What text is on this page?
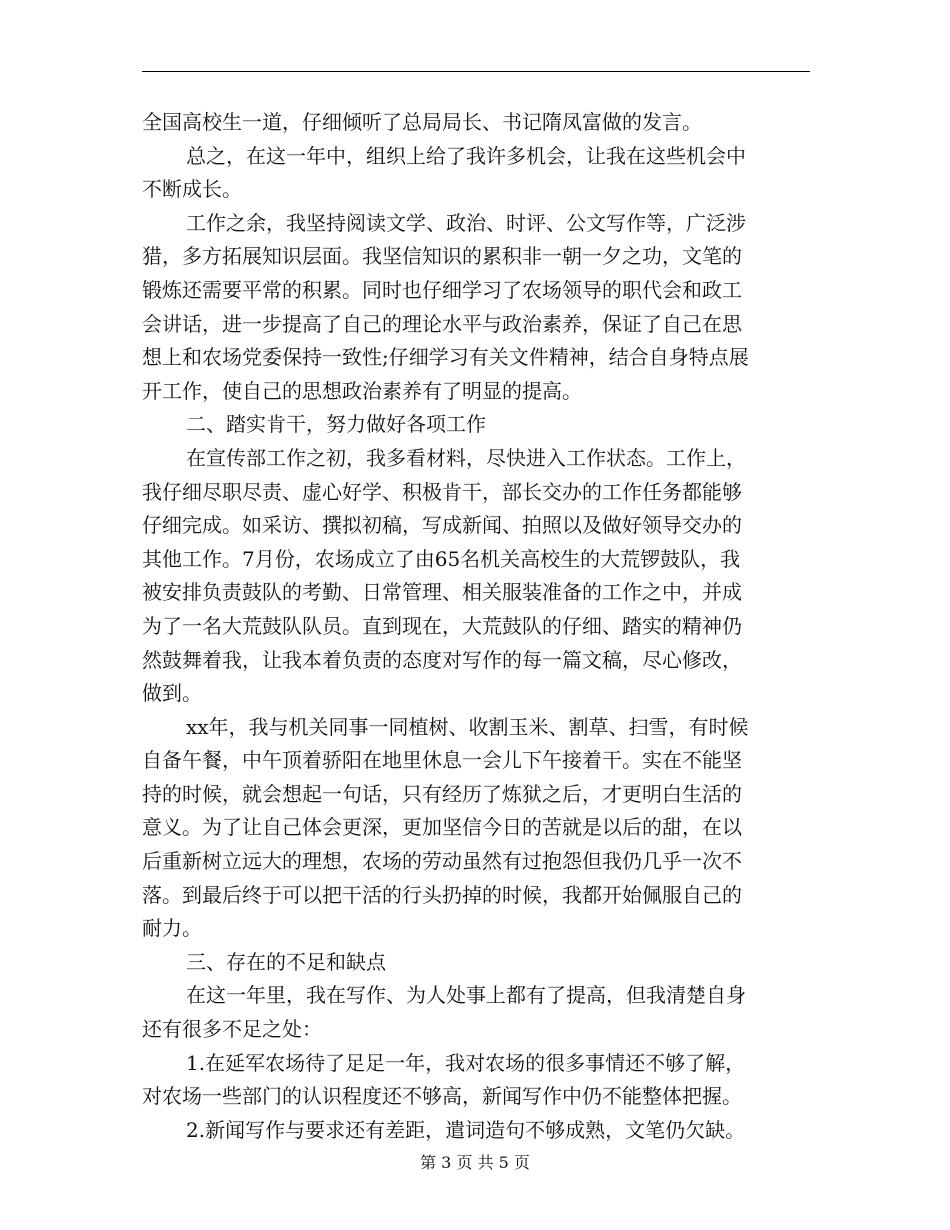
全国高校生一道，仔细倾听了总局局长、书记隋凤富做的发言。
总之，在这一年中，组织上给了我许多机会，让我在这些机会中
不断成长。
工作之余，我坚持阅读文学、政治、时评、公文写作等，广泛涉
猎，多方拓展知识层面。我坚信知识的累积非一朝一夕之功，文笔的
锻炼还需要平常的积累。同时也仔细学习了农场领导的职代会和政工
会讲话，进一步提高了自己的理论水平与政治素养，保证了自己在思
想上和农场党委保持一致性;仔细学习有关文件精神，结合自身特点展
开工作，使自己的思想政治素养有了明显的提高。
二、踏实肯干，努力做好各项工作
在宣传部工作之初，我多看材料，尽快进入工作状态。工作上，
我仔细尽职尽责、虚心好学、积极肯干，部长交办的工作任务都能够
仔细完成。如采访、撰拟初稿，写成新闻、拍照以及做好领导交办的
其他工作。7月份，农场成立了由65名机关高校生的大荒锣鼓队，我
被安排负责鼓队的考勤、日常管理、相关服装准备的工作之中，并成
为了一名大荒鼓队队员。直到现在，大荒鼓队的仔细、踏实的精神仍
然鼓舞着我，让我本着负责的态度对写作的每一篇文稿，尽心修改，
做到。
xx年，我与机关同事一同植树、收割玉米、割草、扫雪，有时候
自备午餐，中午顶着骄阳在地里休息一会儿下午接着干。实在不能坚
持的时候，就会想起一句话，只有经历了炼狱之后，才更明白生活的
意义。为了让自己体会更深，更加坚信今日的苦就是以后的甜，在以
后重新树立远大的理想，农场的劳动虽然有过抱怨但我仍几乎一次不
落。到最后终于可以把干活的行头扔掉的时候，我都开始佩服自己的
耐力。
三、存在的不足和缺点
在这一年里，我在写作、为人处事上都有了提高，但我清楚自身
还有很多不足之处：
1.在延军农场待了足足一年，我对农场的很多事情还不够了解，
对农场一些部门的认识程度还不够高，新闻写作中仍不能整体把握。
2.新闻写作与要求还有差距，遣词造句不够成熟，文笔仍欠缺。
第 3 页 共 5 页
